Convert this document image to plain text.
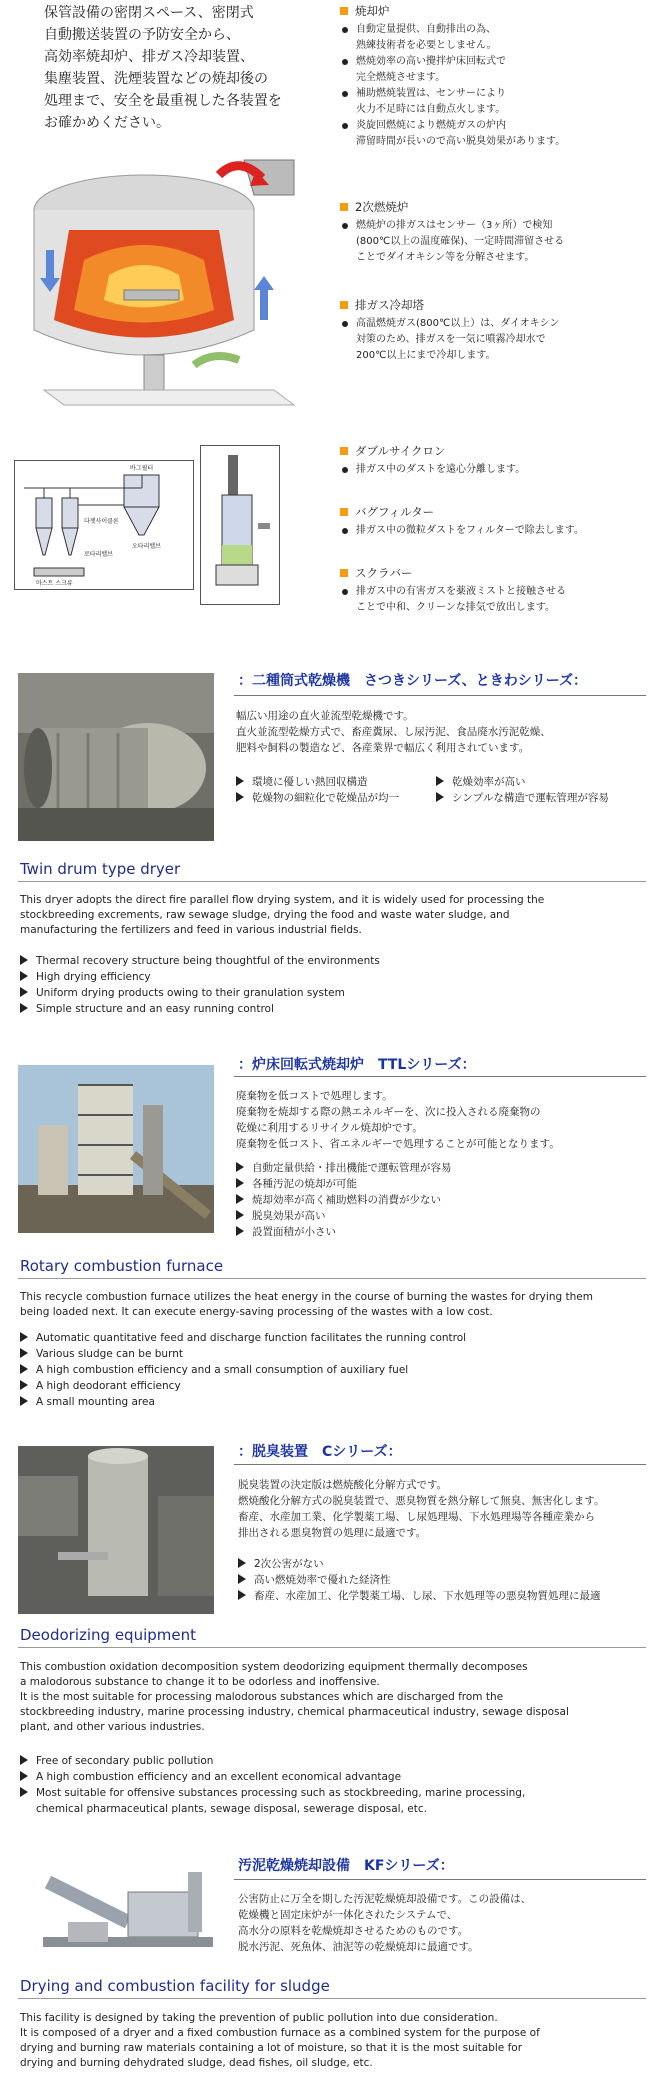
保管設備の密閉スペース、密閉式
自動搬送装置の予防安全から、
高効率焼却炉、排ガス冷却装置、
集塵装置、洗煙装置などの焼却後の
処理まで、安全を最重視した各装置を
お確かめください。
焼却炉
自動定量提供、自動排出の為、
熟練技術者を必要としません。
燃焼効率の高い攪拌炉床回転式で
完全燃焼させます。
補助燃焼装置は、センサーにより
火力不足時には自動点火します。
炎旋回燃焼により燃焼ガスの炉内
滞留時間が長いので高い脱臭効果があります。
2次燃焼炉
燃焼炉の排ガスはセンサー（3ヶ所）で検知
(800℃以上の温度確保)、一定時間滞留させる
ことでダイオキシン等を分解させます。
排ガス冷却塔
高温燃焼ガス(800℃以上）は、ダイオキシン
対策のため、排ガスを一気に噴霧冷却水で
200℃以上にまで冷却します。
ダブルサイクロン
排ガス中のダストを遠心分離します。
バグフィルター
排ガス中の微粒ダストをフィルターで除去します。
スクラバー
排ガス中の有害ガスを薬液ミストと接触させる
ことで中和、クリーンな排気で放出します。
바그필터
다젯사이클론
로타리밸브
오타리밸브
마스트 스크류
：二種筒式乾燥機　さつきシリーズ、ときわシリーズ：
幅広い用途の直火並流型乾燥機です。
直火並流型乾燥方式で、畜産糞尿、し尿汚泥、食品廃水汚泥乾燥、
肥料や飼料の製造など、各産業界で幅広く利用されています。
環境に優しい熱回収構造	乾燥効率が高い
乾燥物の細粒化で乾燥品が均一	シンプルな構造で運転管理が容易
Twin drum type dryer
This dryer adopts the direct fire parallel flow drying system, and it is widely used for processing the
stockbreeding excrements, raw sewage sludge, drying the food and waste water sludge, and
manufacturing the fertilizers and feed in various industrial fields.
Thermal recovery structure being thoughtful of the environments
High drying efficiency
Uniform drying products owing to their granulation system
Simple structure and an easy running control
：炉床回転式焼却炉　TTLシリーズ：
廃棄物を低コストで処理します。
廃棄物を焼却する際の熱エネルギーを、次に投入される廃棄物の
乾燥に利用するリサイクル焼却炉です。
廃棄物を低コスト、省エネルギーで処理することが可能となります。
自動定量供給・排出機能で運転管理が容易
各種汚泥の焼却が可能
焼却効率が高く補助燃料の消費が少ない
脱臭効果が高い
設置面積が小さい
Rotary combustion furnace
This recycle combustion furnace utilizes the heat energy in the course of burning the wastes for drying them
being loaded next. It can execute energy-saving processing of the wastes with a low cost.
Automatic quantitative feed and discharge function facilitates the running control
Various sludge can be burnt
A high combustion efficiency and a small consumption of auxiliary fuel
A high deodorant efficiency
A small mounting area
：脱臭装置　Cシリーズ：
脱臭装置の決定版は燃焼酸化分解方式です。
燃焼酸化分解方式の脱臭装置で、悪臭物質を熱分解して無臭、無害化します。
畜産、水産加工業、化学製薬工場、し尿処理場、下水処理場等各種産業から
排出される悪臭物質の処理に最適です。
2次公害がない
高い燃焼効率で優れた経済性
畜産、水産加工、化学製薬工場、し尿、下水処理等の悪臭物質処理に最適
Deodorizing equipment
This combustion oxidation decomposition system deodorizing equipment thermally decomposes
a malodorous substance to change it to be odorless and inoffensive.
It is the most suitable for processing malodorous substances which are discharged from the
stockbreeding industry, marine processing industry, chemical pharmaceutical industry, sewage disposal
plant, and other various industries.
Free of secondary public pollution
A high combustion efficiency and an excellent economical advantage
Most suitable for offensive substances processing such as stockbreeding, marine processing,
chemical pharmaceutical plants, sewage disposal, sewerage disposal, etc.
汚泥乾燥焼却設備　KFシリーズ：
公害防止に万全を期した汚泥乾燥焼却設備です。この設備は、
乾燥機と固定床炉が一体化されたシステムで、
高水分の原料を乾燥焼却させるためのものです。
脱水汚泥、死魚体、油泥等の乾燥焼却に最適です。
Drying and combustion facility for sludge
This facility is designed by taking the prevention of public pollution into due consideration.
It is composed of a dryer and a fixed combustion furnace as a combined system for the purpose of
drying and burning raw materials containing a lot of moisture, so that it is the most suitable for
drying and burning dehydrated sludge, dead fishes, oil sludge, etc.
